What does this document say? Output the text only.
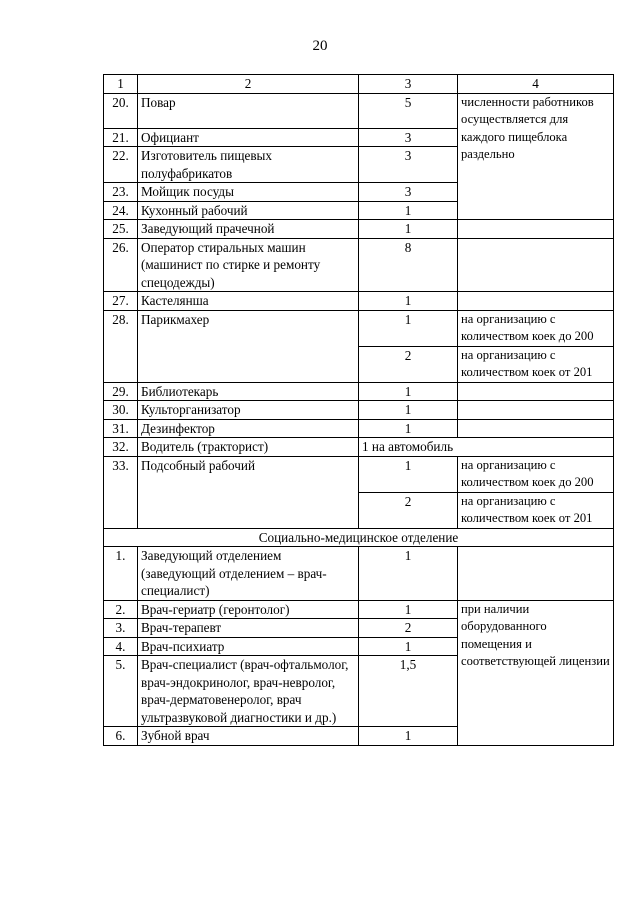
20
1	2	3	4
20.	Повар	5	численности работников осуществляется для каждого пищеблока раздельно
21.	Официант	3	
22.	Изготовитель пищевых полуфабрикатов	3	
23.	Мойщик посуды	3	
24.	Кухонный рабочий	1	
25.	Заведующий прачечной	1	
26.	Оператор стиральных машин (машинист по стирке и ремонту спецодежды)	8	
27.	Кастелянша	1	
28.	Парикмахер	1	на организацию с количеством коек до 200
		2	на организацию с количеством коек от 201
29.	Библиотекарь	1	
30.	Культорганизатор	1	
31.	Дезинфектор	1	
32.	Водитель (тракторист)	1 на автомобиль	
33.	Подсобный рабочий	1	на организацию с количеством коек до 200
		2	на организацию с количеством коек от 201
Социально-медицинское отделение			
1.	Заведующий отделением (заведующий отделением – врач-специалист)	1	
2.	Врач-гериатр (геронтолог)	1	при наличии оборудованного помещения и соответствующей лицензии
3.	Врач-терапевт	2	
4.	Врач-психиатр	1	
5.	Врач-специалист (врач-офтальмолог, врач-эндокринолог, врач-невролог, врач-дерматовенеролог, врач ультразвуковой диагностики и др.)	1,5	
6.	Зубной врач	1	
